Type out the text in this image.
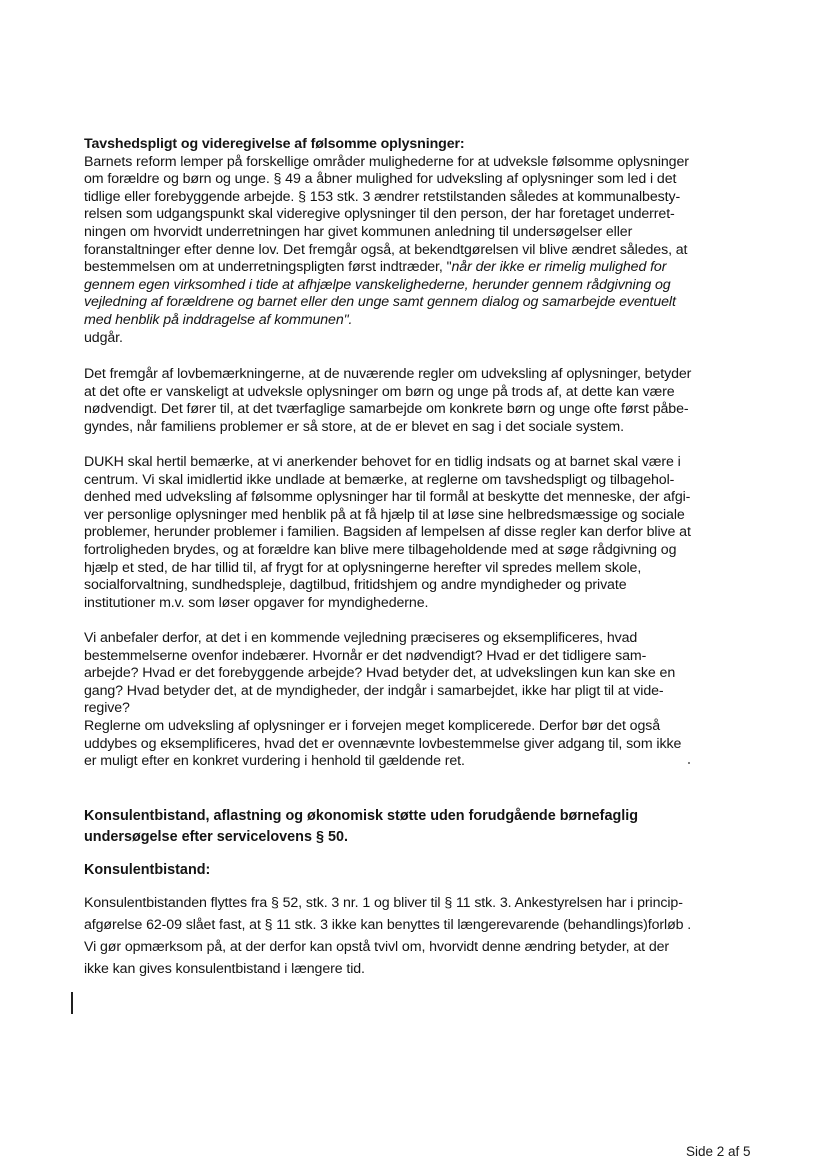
Tavshedspligt og videregivelse af følsomme oplysninger:

Barnets reform lemper på forskellige områder mulighederne for at udveksle følsomme oplysninger

om forældre og børn og unge. § 49 a åbner mulighed for udveksling af oplysninger som led i det

tidlige eller forebyggende arbejde. § 153 stk. 3 ændrer retstilstanden således at kommunalbesty-

relsen som udgangspunkt skal videregive oplysninger til den person, der har foretaget underret-

ningen om hvorvidt underretningen har givet kommunen anledning til undersøgelser eller

foranstaltninger efter denne lov. Det fremgår også, at bekendtgørelsen vil blive ændret således, at

bestemmelsen om at underretningspligten først indtræder, "når der ikke er rimelig mulighed for

gennem egen virksomhed i tide at afhjælpe vanskelighederne, herunder gennem rådgivning og

vejledning af forældrene og barnet eller den unge samt gennem dialog og samarbejde eventuelt

med henblik på inddragelse af kommunen".

udgår.

Det fremgår af lovbemærkningerne, at de nuværende regler om udveksling af oplysninger, betyder

at det ofte er vanskeligt at udveksle oplysninger om børn og unge på trods af, at dette kan være

nødvendigt. Det fører til, at det tværfaglige samarbejde om konkrete børn og unge ofte først påbe-

gyndes, når familiens problemer er så store, at de er blevet en sag i det sociale system.

DUKH skal hertil bemærke, at vi anerkender behovet for en tidlig indsats og at barnet skal være i

centrum. Vi skal imidlertid ikke undlade at bemærke, at reglerne om tavshedspligt og tilbagehol-

denhed med udveksling af følsomme oplysninger har til formål at beskytte det menneske, der afgi-

ver personlige oplysninger med henblik på at få hjælp til at løse sine helbredsmæssige og sociale

problemer, herunder problemer i familien. Bagsiden af lempelsen af disse regler kan derfor blive at

fortroligheden brydes, og at forældre kan blive mere tilbageholdende med at søge rådgivning og

hjælp et sted, de har tillid til, af frygt for at oplysningerne herefter vil spredes mellem skole,

socialforvaltning, sundhedspleje, dagtilbud, fritidshjem og andre myndigheder og private

institutioner m.v. som løser opgaver for myndighederne.

Vi anbefaler derfor, at det i en kommende vejledning præciseres og eksemplificeres, hvad

bestemmelserne ovenfor indebærer. Hvornår er det nødvendigt? Hvad er det tidligere sam-

arbejde? Hvad er det forebyggende arbejde? Hvad betyder det, at udvekslingen kun kan ske en

gang? Hvad betyder det, at de myndigheder, der indgår i samarbejdet, ikke har pligt til at vide-

regive?

Reglerne om udveksling af oplysninger er i forvejen meget komplicerede. Derfor bør det også

uddybes og eksemplificeres, hvad det er ovennævnte lovbestemmelse giver adgang til, som ikke

er muligt efter en konkret vurdering i henhold til gældende ret.

Konsulentbistand, aflastning og økonomisk støtte uden forudgående børnefaglig
undersøgelse efter servicelovens § 50.
Konsulentbistand:

Konsulentbistanden flyttes fra § 52, stk. 3 nr. 1 og bliver til § 11 stk. 3. Ankestyrelsen har i princip-

afgørelse 62-09 slået fast, at § 11 stk. 3 ikke kan benyttes til længerevarende (behandlings)forløb .

Vi gør opmærksom på, at der derfor kan opstå tvivl om, hvorvidt denne ændring betyder, at der

ikke kan gives konsulentbistand i længere tid.

Side 2 af 5
